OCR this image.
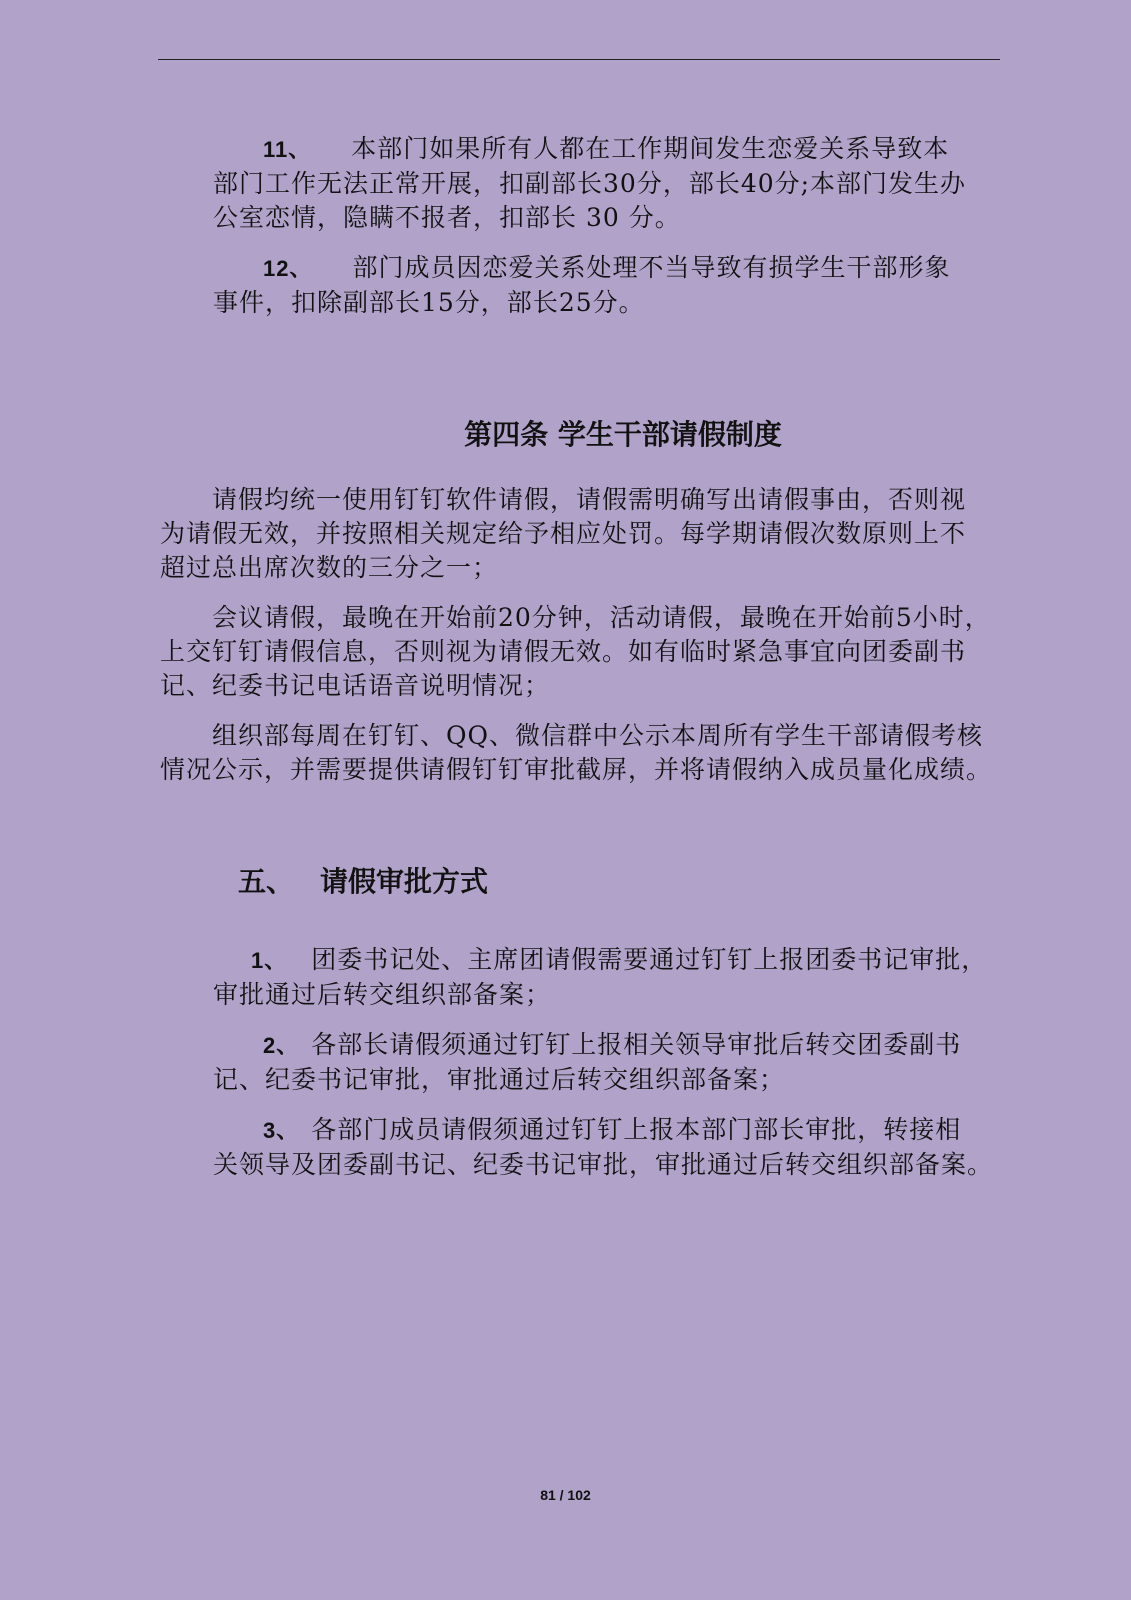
11、 本部门如果所有人都在工作期间发生恋爱关系导致本
部门工作无法正常开展，扣副部长30分，部长40分;本部门发生办
公室恋情，隐瞒不报者，扣部长 30 分。
12、 部门成员因恋爱关系处理不当导致有损学生干部形象
事件，扣除副部长15分，部长25分。
第四条 学生干部请假制度
请假均统一使用钉钉软件请假，请假需明确写出请假事由，否则视
为请假无效，并按照相关规定给予相应处罚。每学期请假次数原则上不
超过总出席次数的三分之一；
会议请假，最晚在开始前20分钟，活动请假，最晚在开始前5小时，
上交钉钉请假信息，否则视为请假无效。如有临时紧急事宜向团委副书
记、纪委书记电话语音说明情况；
组织部每周在钉钉、QQ、微信群中公示本周所有学生干部请假考核
情况公示，并需要提供请假钉钉审批截屏，并将请假纳入成员量化成绩。
五、 请假审批方式
1、 团委书记处、主席团请假需要通过钉钉上报团委书记审批，
审批通过后转交组织部备案；
2、 各部长请假须通过钉钉上报相关领导审批后转交团委副书
记、纪委书记审批，审批通过后转交组织部备案；
3、 各部门成员请假须通过钉钉上报本部门部长审批，转接相
关领导及团委副书记、纪委书记审批，审批通过后转交组织部备案。
81 / 102
